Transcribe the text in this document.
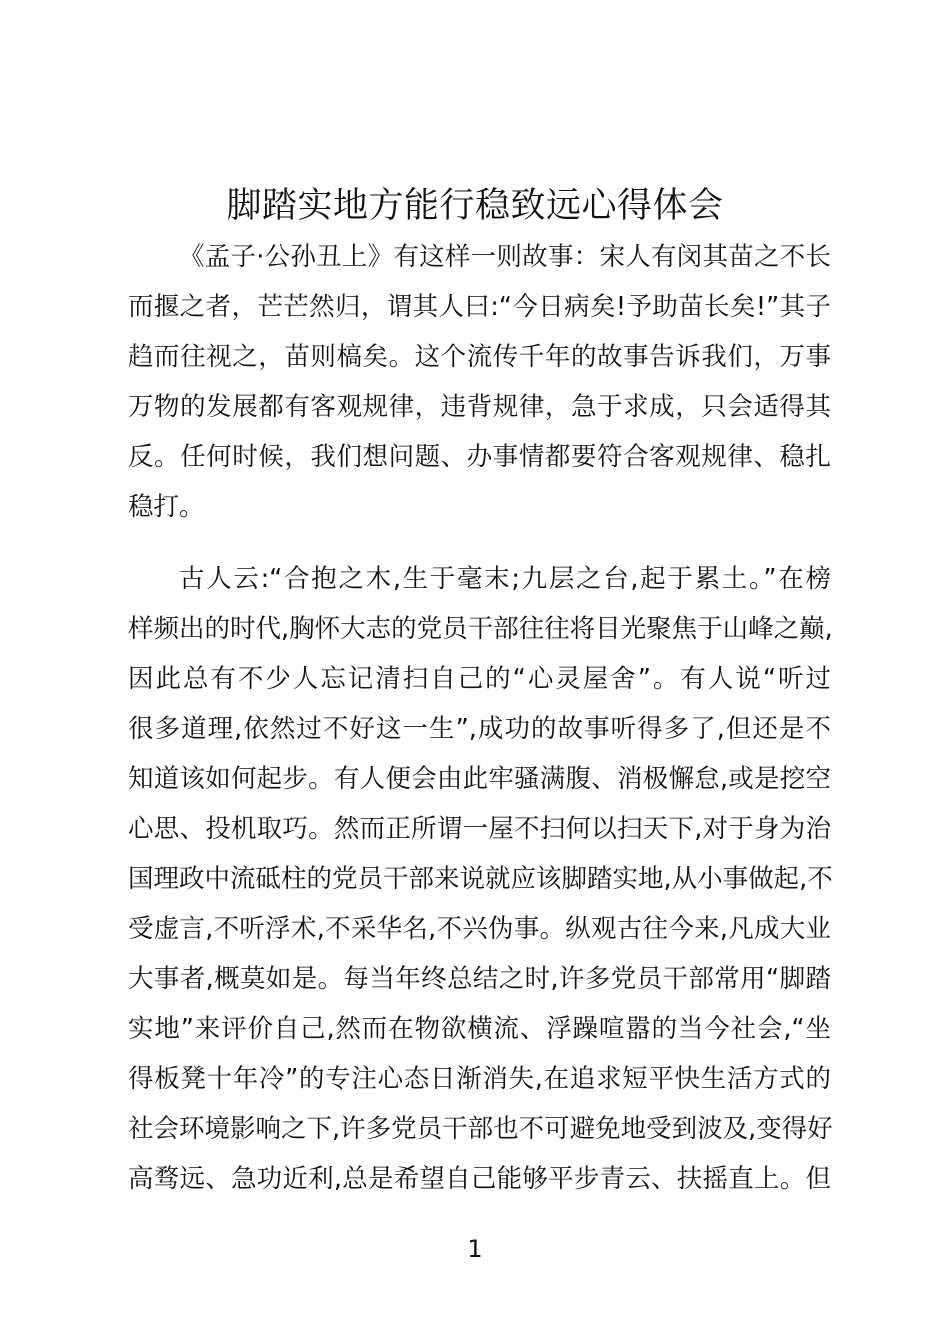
脚踏实地方能行稳致远心得体会
《孟子·公孙丑上》有这样一则故事：宋人有闵其苗之不长
而揠之者，芒芒然归，谓其人曰:“今日病矣!予助苗长矣!”其子
趋而往视之，苗则槁矣。这个流传千年的故事告诉我们，万事
万物的发展都有客观规律，违背规律，急于求成，只会适得其
反。任何时候，我们想问题、办事情都要符合客观规律、稳扎
稳打。
古人云:“合抱之木,生于毫末;九层之台,起于累土。”在榜
样频出的时代,胸怀大志的党员干部往往将目光聚焦于山峰之巅,
因此总有不少人忘记清扫自己的“心灵屋舍”。有人说“听过
很多道理,依然过不好这一生”,成功的故事听得多了,但还是不
知道该如何起步。有人便会由此牢骚满腹、消极懈怠,或是挖空
心思、投机取巧。然而正所谓一屋不扫何以扫天下,对于身为治
国理政中流砥柱的党员干部来说就应该脚踏实地,从小事做起,不
受虚言,不听浮术,不采华名,不兴伪事。纵观古往今来,凡成大业
大事者,概莫如是。每当年终总结之时,许多党员干部常用“脚踏
实地”来评价自己,然而在物欲横流、浮躁喧嚣的当今社会,“坐
得板凳十年冷”的专注心态日渐消失,在追求短平快生活方式的
社会环境影响之下,许多党员干部也不可避免地受到波及,变得好
高骛远、急功近利,总是希望自己能够平步青云、扶摇直上。但
1
